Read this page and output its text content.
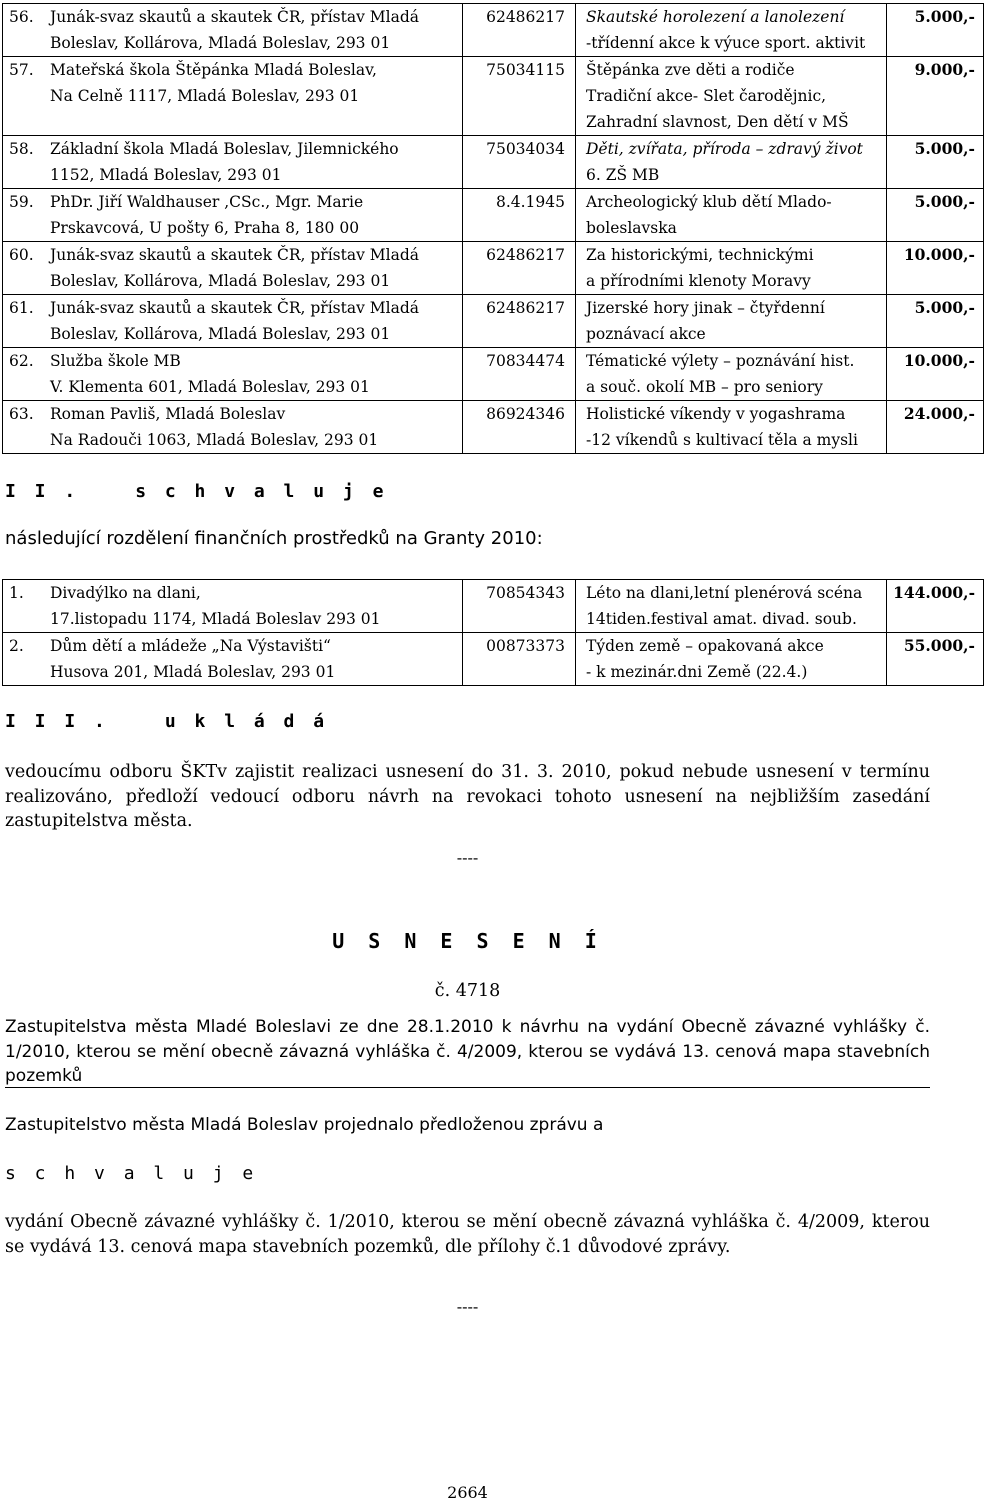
56.	Junák-svaz skautů a skautek ČR, přístav Mladá
Boleslav, Kollárova, Mladá Boleslav, 293 01	62486217	Skautské horolezení a lanolezení
-třídenní akce k výuce sport. aktivit	5.000,-
57.	Mateřská škola Štěpánka Mladá Boleslav,
Na Celně 1117, Mladá Boleslav, 293 01	75034115	Štěpánka zve děti a rodiče
Tradiční akce- Slet čarodějnic,
Zahradní slavnost, Den dětí v MŠ	9.000,-
58.	Základní škola Mladá Boleslav, Jilemnického
1152, Mladá Boleslav, 293 01	75034034	Děti, zvířata, příroda – zdravý život
6. ZŠ MB	5.000,-
59.	PhDr. Jiří Waldhauser ,CSc., Mgr. Marie
Prskavcová, U pošty 6, Praha 8, 180 00	8.4.1945	Archeologický klub dětí Mlado-
boleslavska	5.000,-
60.	Junák-svaz skautů a skautek ČR, přístav Mladá
Boleslav, Kollárova, Mladá Boleslav, 293 01	62486217	Za historickými, technickými
a přírodními klenoty Moravy	10.000,-
61.	Junák-svaz skautů a skautek ČR, přístav Mladá
Boleslav, Kollárova, Mladá Boleslav, 293 01	62486217	Jizerské hory jinak – čtyřdenní
poznávací akce	5.000,-
62.	Služba škole MB
V. Klementa 601, Mladá Boleslav, 293 01	70834474	Tématické výlety – poznávání hist.
a souč. okolí MB – pro seniory	10.000,-
63.	Roman Pavliš, Mladá Boleslav
Na Radouči 1063, Mladá Boleslav, 293 01	86924346	Holistické víkendy v yogashrama
-12 víkendů s kultivací těla a mysli	24.000,-
I I .	s c h v a l u j e
následující rozdělení finančních prostředků na Granty 2010:
1.	Divadýlko na dlani,
17.listopadu 1174, Mladá Boleslav 293 01	70854343	Léto na dlani,letní plenérová scéna
14tiden.festival amat. divad. soub.	144.000,-
2.	Dům dětí a mládeže „Na Výstavišti“
Husova 201, Mladá Boleslav, 293 01	00873373	Týden země – opakovaná akce
- k mezinár.dni Země (22.4.)	55.000,-
I I I .	u k l á d á
vedoucímu odboru ŠKTv zajistit realizaci usnesení do 31. 3. 2010, pokud nebude usnesení v termínu realizováno, předloží vedoucí odboru návrh na revokaci tohoto usnesení na nejbližším zasedání zastupitelstva města.
----
U S N E S E N Í
č. 4718
Zastupitelstva města Mladé Boleslavi ze dne 28.1.2010 k návrhu na vydání Obecně závazné vyhlášky č. 1/2010, kterou se mění obecně závazná vyhláška č. 4/2009, kterou se vydává 13. cenová mapa stavebních pozemků
Zastupitelstvo města Mladá Boleslav projednalo předloženou zprávu a
s c h v a l u j e
vydání Obecně závazné vyhlášky č. 1/2010, kterou se mění obecně závazná vyhláška č. 4/2009, kterou se vydává 13. cenová mapa stavebních pozemků, dle přílohy č.1 důvodové zprávy.
----
2664
